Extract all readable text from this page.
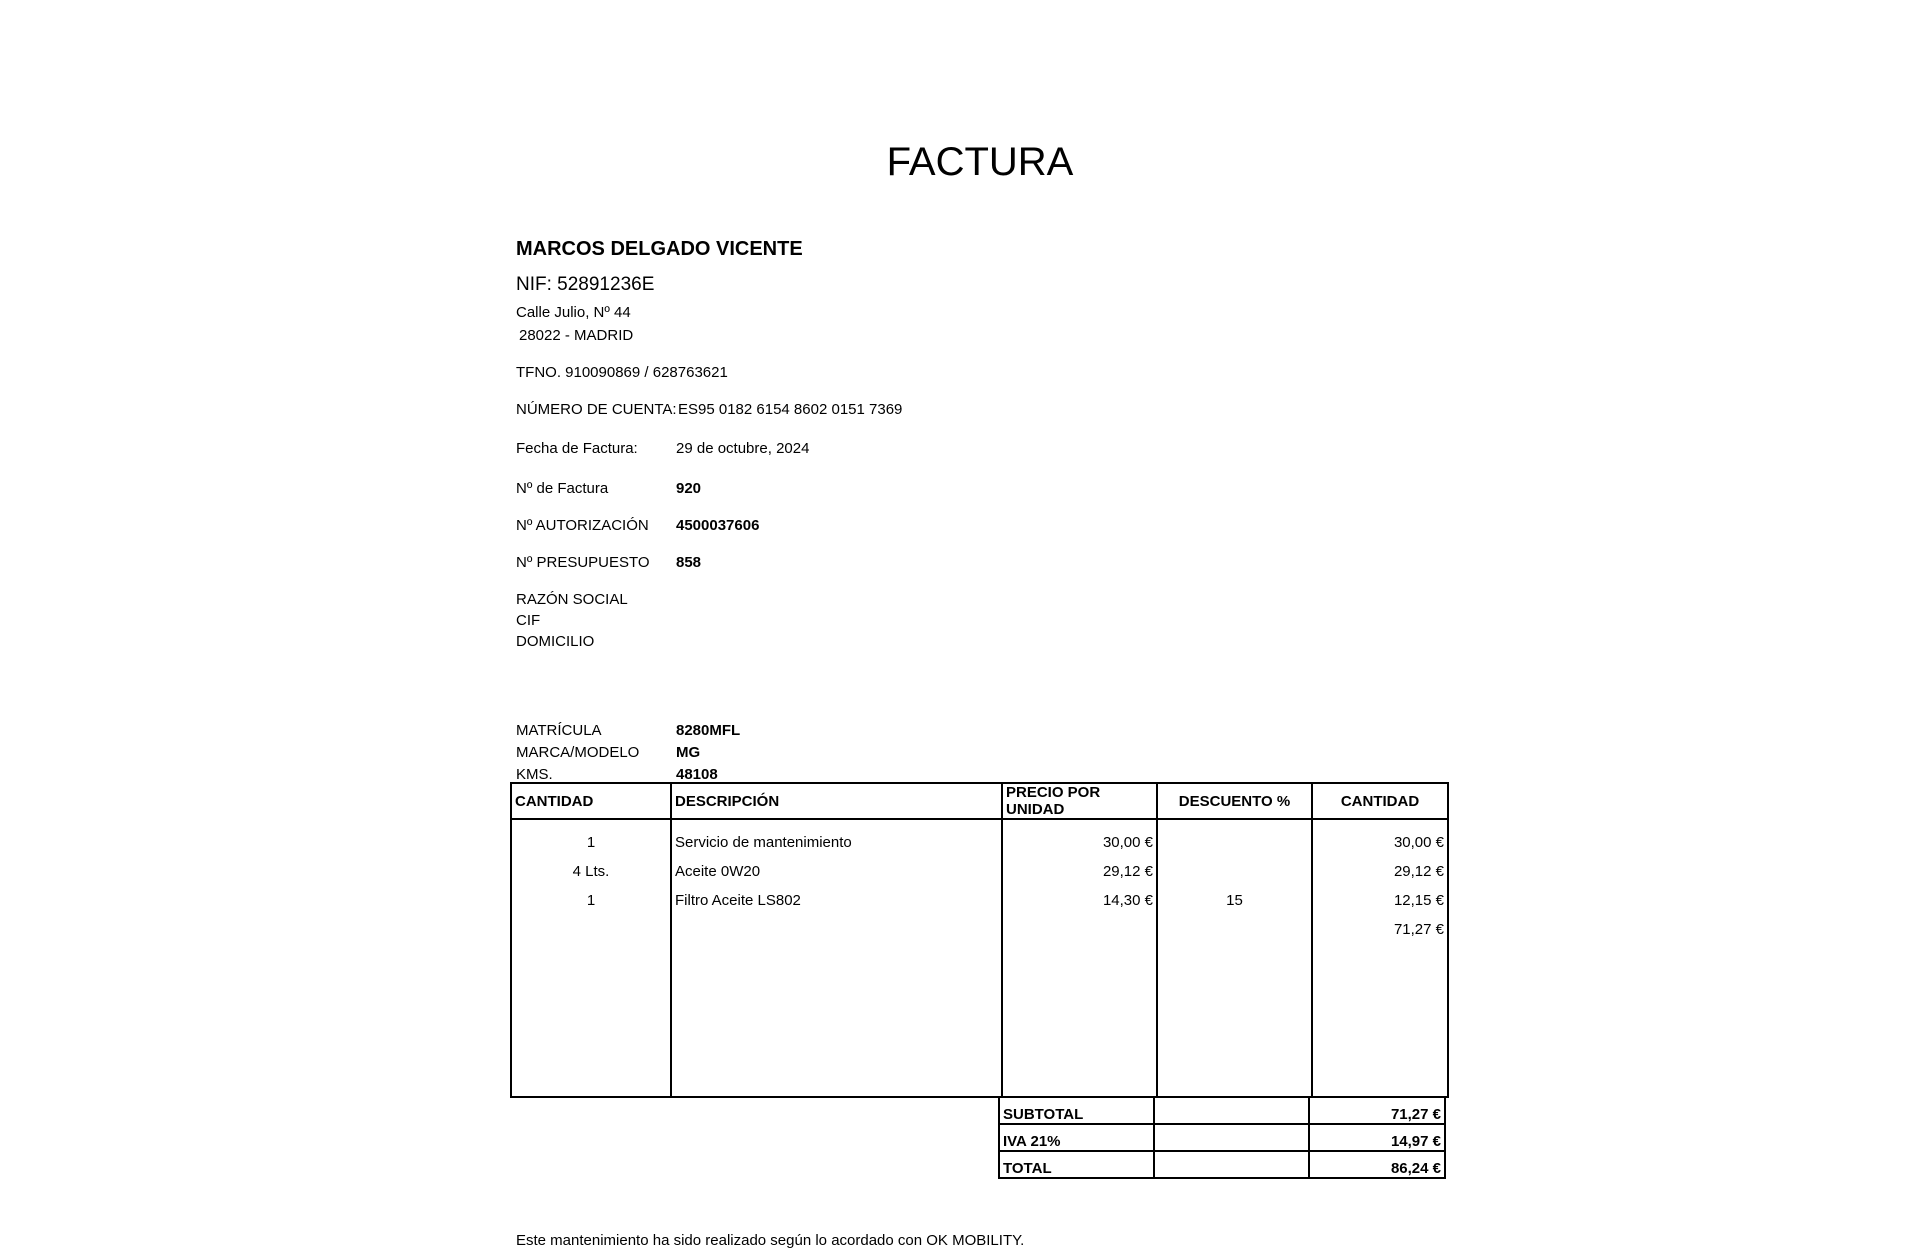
FACTURA
MARCOS DELGADO VICENTE
NIF: 52891236E
Calle Julio, Nº 44
28022 - MADRID
TFNO. 910090869 / 628763621
NÚMERO DE CUENTA: ES95 0182 6154 8602 0151 7369
Fecha de Factura:	29 de octubre, 2024
Nº de Factura	920
Nº AUTORIZACIÓN 4500037606
Nº PRESUPUESTO 858
RAZÓN SOCIAL
CIF
DOMICILIO
MATRÍCULA	8280MFL
MARCA/MODELO MG
KMS.	48108
CANTIDAD	DESCRIPCIÓN	PRECIO POR UNIDAD	DESCUENTO %	CANTIDAD
1	Servicio de mantenimiento	30,00 €		30,00 €
4 Lts.	Aceite 0W20	29,12 €		29,12 €
1	Filtro Aceite LS802	14,30 €	15	12,15 €
				71,27 €

SUBTOTAL		71,27 €
IVA 21%		14,97 €
TOTAL		86,24 €
Este mantenimiento ha sido realizado según lo acordado con OK MOBILITY.
